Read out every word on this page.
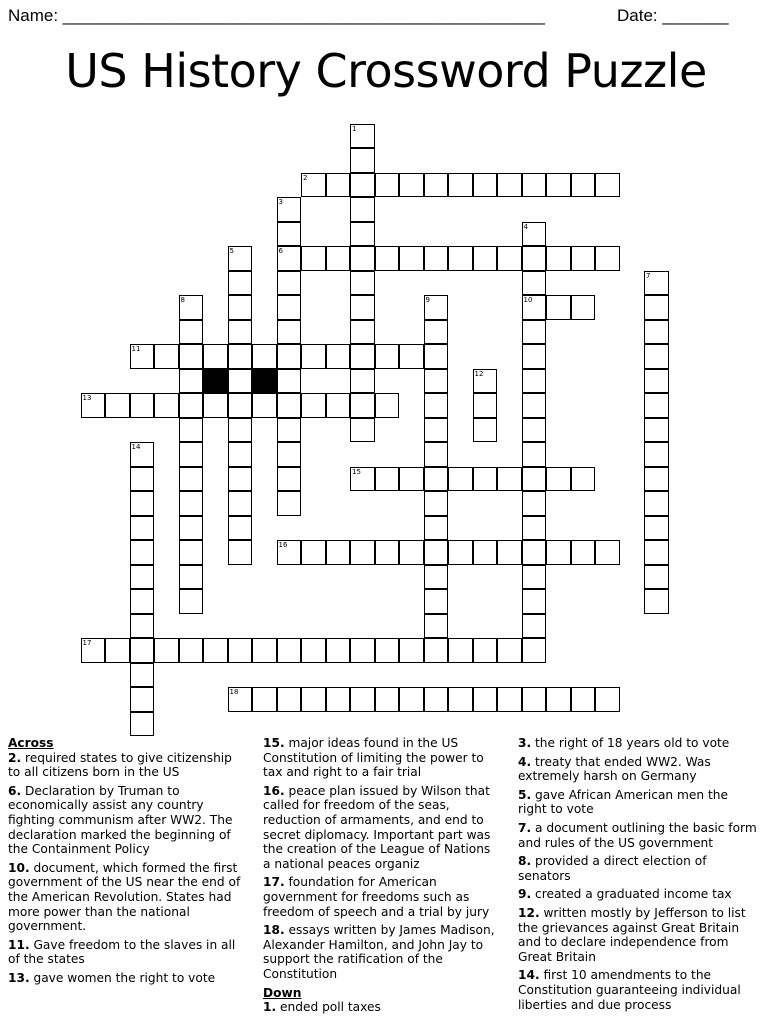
Name: ___________________________________________________	Date: _______
US History Crossword Puzzle
2
6
10
11
13
15
16
17
18
1
3
4
5
7
8	9
12
14
Across
2. required states to give citizenship to all citizens born in the US
6. Declaration by Truman to economically assist any country fighting communism after WW2. The declaration marked the beginning of the Containment Policy
10. document, which formed the first government of the US near the end of the American Revolution. States had more power than the national government.
11. Gave freedom to the slaves in all of the states
13. gave women the right to vote
15. major ideas found in the US Constitution of limiting the power to tax and right to a fair trial
16. peace plan issued by Wilson that called for freedom of the seas, reduction of armaments, and end to secret diplomacy. Important part was the creation of the League of Nations a national peaces organiz
17. foundation for American government for freedoms such as freedom of speech and a trial by jury
18. essays written by James Madison, Alexander Hamilton, and John Jay to support the ratification of the Constitution
Down
1. ended poll taxes
3. the right of 18 years old to vote
4. treaty that ended WW2. Was extremely harsh on Germany
5. gave African American men the right to vote
7. a document outlining the basic form and rules of the US government
8. provided a direct election of senators
9. created a graduated income tax
12. written mostly by Jefferson to list the grievances against Great Britain and to declare independence from Great Britain
14. first 10 amendments to the Constitution guaranteeing individual liberties and due process
